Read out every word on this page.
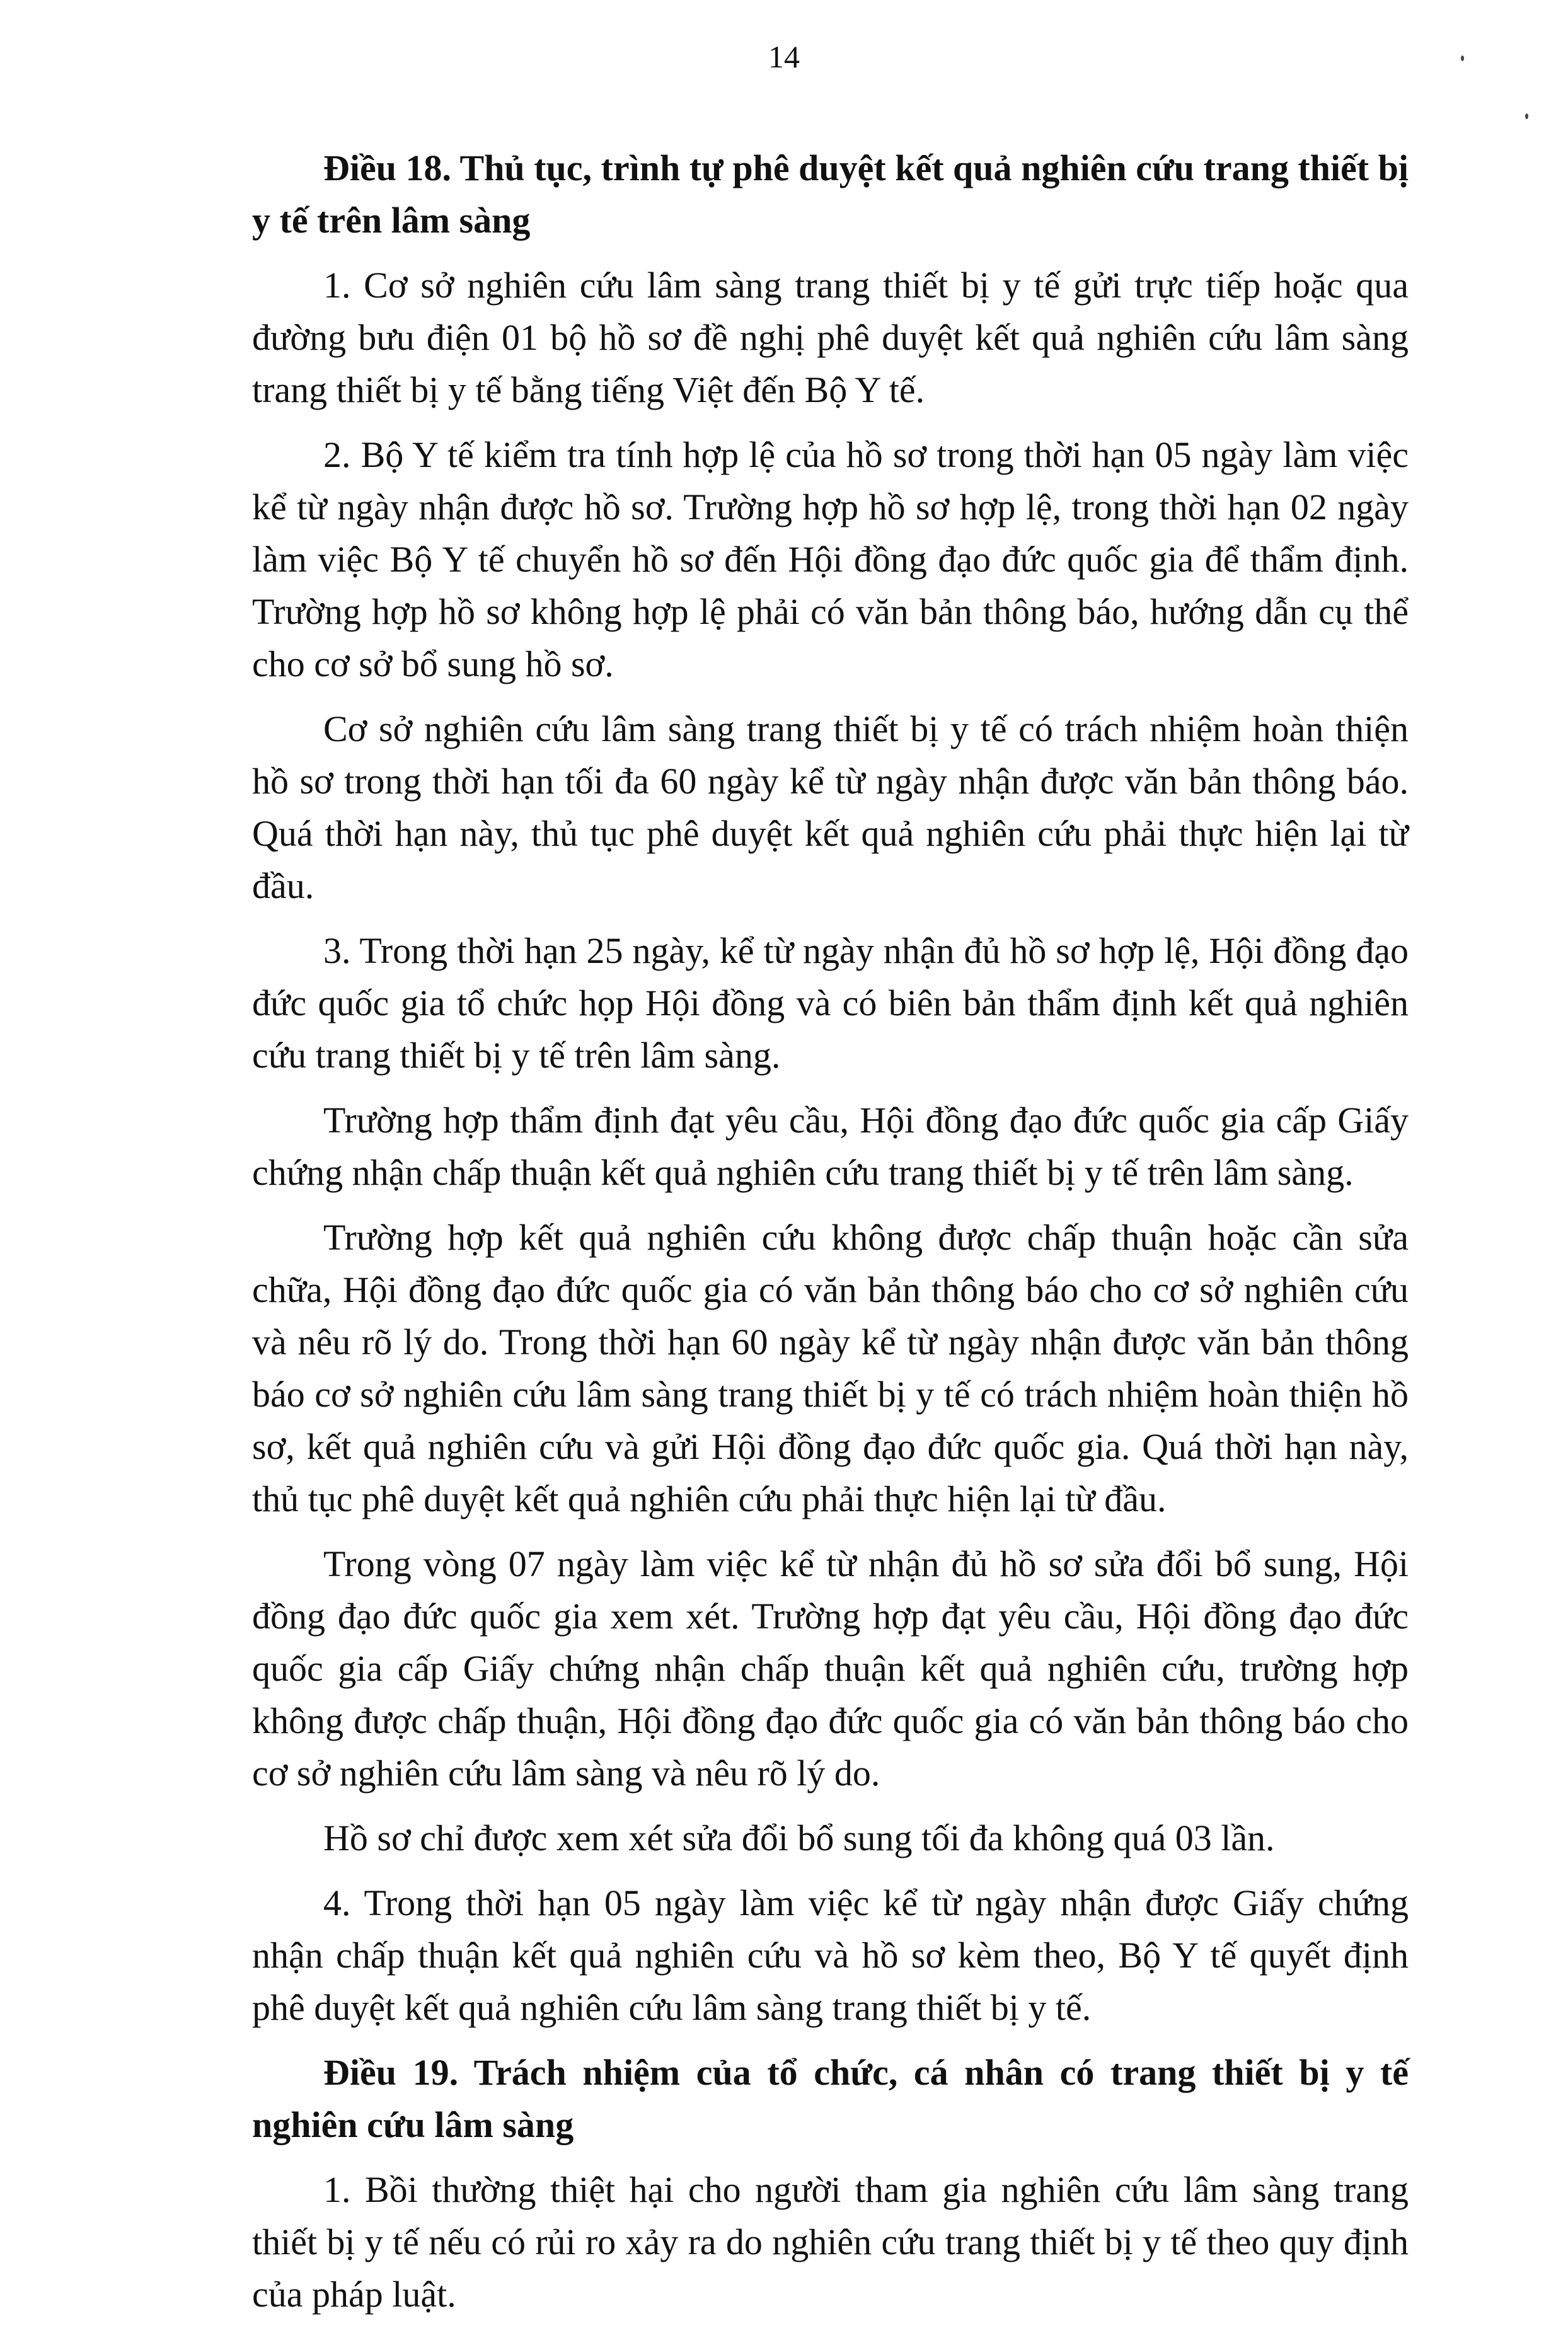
14
Điều 18. Thủ tục, trình tự phê duyệt kết quả nghiên cứu trang thiết bị y tế trên lâm sàng

1. Cơ sở nghiên cứu lâm sàng trang thiết bị y tế gửi trực tiếp hoặc qua đường bưu điện 01 bộ hồ sơ đề nghị phê duyệt kết quả nghiên cứu lâm sàng trang thiết bị y tế bằng tiếng Việt đến Bộ Y tế.

2. Bộ Y tế kiểm tra tính hợp lệ của hồ sơ trong thời hạn 05 ngày làm việc kể từ ngày nhận được hồ sơ. Trường hợp hồ sơ hợp lệ, trong thời hạn 02 ngày làm việc Bộ Y tế chuyển hồ sơ đến Hội đồng đạo đức quốc gia để thẩm định. Trường hợp hồ sơ không hợp lệ phải có văn bản thông báo, hướng dẫn cụ thể cho cơ sở bổ sung hồ sơ.

Cơ sở nghiên cứu lâm sàng trang thiết bị y tế có trách nhiệm hoàn thiện hồ sơ trong thời hạn tối đa 60 ngày kể từ ngày nhận được văn bản thông báo. Quá thời hạn này, thủ tục phê duyệt kết quả nghiên cứu phải thực hiện lại từ đầu.

3. Trong thời hạn 25 ngày, kể từ ngày nhận đủ hồ sơ hợp lệ, Hội đồng đạo đức quốc gia tổ chức họp Hội đồng và có biên bản thẩm định kết quả nghiên cứu trang thiết bị y tế trên lâm sàng.

Trường hợp thẩm định đạt yêu cầu, Hội đồng đạo đức quốc gia cấp Giấy chứng nhận chấp thuận kết quả nghiên cứu trang thiết bị y tế trên lâm sàng.

Trường hợp kết quả nghiên cứu không được chấp thuận hoặc cần sửa chữa, Hội đồng đạo đức quốc gia có văn bản thông báo cho cơ sở nghiên cứu và nêu rõ lý do. Trong thời hạn 60 ngày kể từ ngày nhận được văn bản thông báo cơ sở nghiên cứu lâm sàng trang thiết bị y tế có trách nhiệm hoàn thiện hồ sơ, kết quả nghiên cứu và gửi Hội đồng đạo đức quốc gia. Quá thời hạn này, thủ tục phê duyệt kết quả nghiên cứu phải thực hiện lại từ đầu.

Trong vòng 07 ngày làm việc kể từ nhận đủ hồ sơ sửa đổi bổ sung, Hội đồng đạo đức quốc gia xem xét. Trường hợp đạt yêu cầu, Hội đồng đạo đức quốc gia cấp Giấy chứng nhận chấp thuận kết quả nghiên cứu, trường hợp không được chấp thuận, Hội đồng đạo đức quốc gia có văn bản thông báo cho cơ sở nghiên cứu lâm sàng và nêu rõ lý do.

Hồ sơ chỉ được xem xét sửa đổi bổ sung tối đa không quá 03 lần.

4. Trong thời hạn 05 ngày làm việc kể từ ngày nhận được Giấy chứng nhận chấp thuận kết quả nghiên cứu và hồ sơ kèm theo, Bộ Y tế quyết định phê duyệt kết quả nghiên cứu lâm sàng trang thiết bị y tế.

Điều 19. Trách nhiệm của tổ chức, cá nhân có trang thiết bị y tế nghiên cứu lâm sàng

1. Bồi thường thiệt hại cho người tham gia nghiên cứu lâm sàng trang thiết bị y tế nếu có rủi ro xảy ra do nghiên cứu trang thiết bị y tế theo quy định của pháp luật.
